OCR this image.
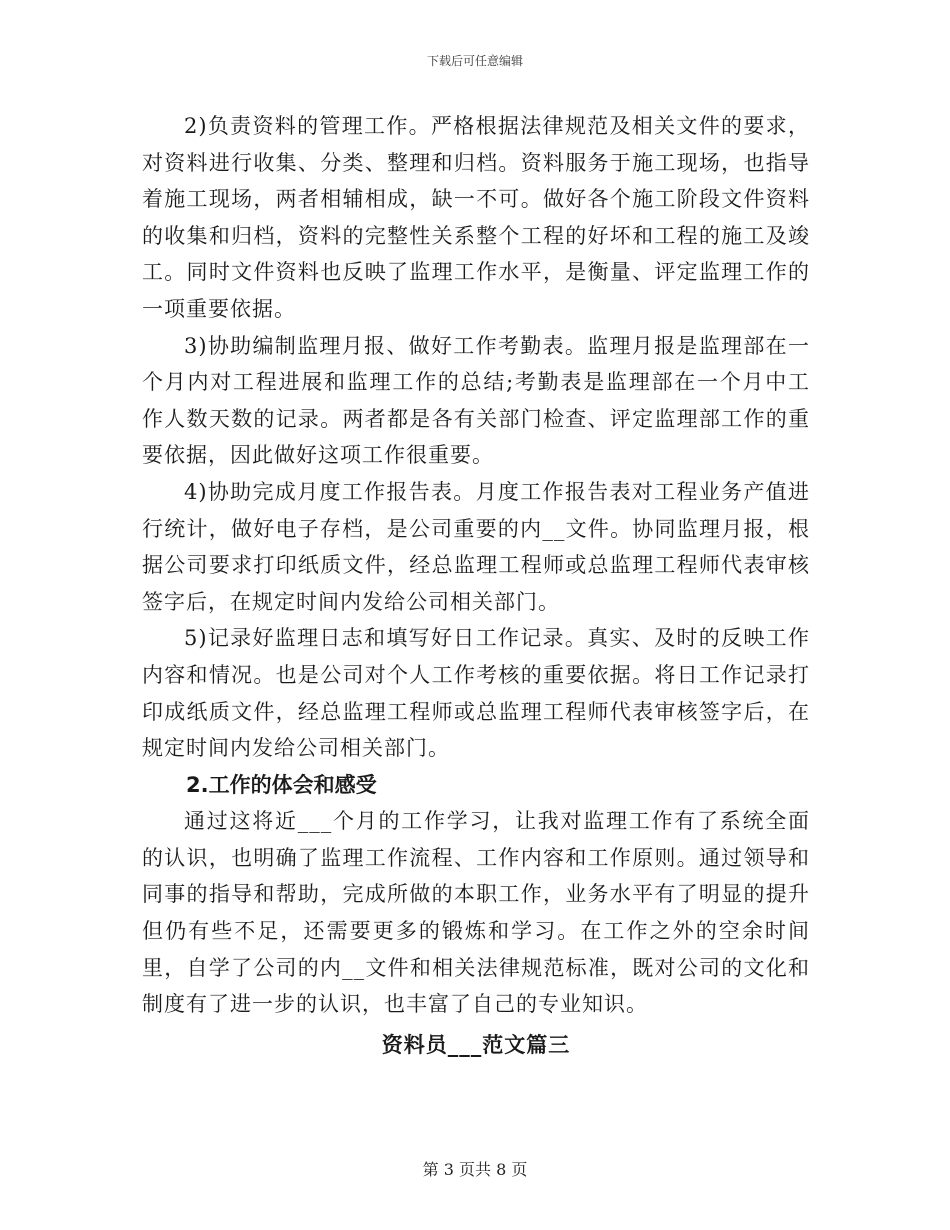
下载后可任意编辑

2)负责资料的管理工作。严格根据法律规范及相关文件的要求，对资料进行收集、分类、整理和归档。资料服务于施工现场，也指导着施工现场，两者相辅相成，缺一不可。做好各个施工阶段文件资料的收集和归档，资料的完整性关系整个工程的好坏和工程的施工及竣工。同时文件资料也反映了监理工作水平，是衡量、评定监理工作的一项重要依据。

3)协助编制监理月报、做好工作考勤表。监理月报是监理部在一个月内对工程进展和监理工作的总结;考勤表是监理部在一个月中工作人数天数的记录。两者都是各有关部门检查、评定监理部工作的重要依据，因此做好这项工作很重要。

4)协助完成月度工作报告表。月度工作报告表对工程业务产值进行统计，做好电子存档，是公司重要的内__文件。协同监理月报，根据公司要求打印纸质文件，经总监理工程师或总监理工程师代表审核签字后，在规定时间内发给公司相关部门。

5)记录好监理日志和填写好日工作记录。真实、及时的反映工作内容和情况。也是公司对个人工作考核的重要依据。将日工作记录打印成纸质文件，经总监理工程师或总监理工程师代表审核签字后，在规定时间内发给公司相关部门。

2.工作的体会和感受

通过这将近___个月的工作学习，让我对监理工作有了系统全面的认识，也明确了监理工作流程、工作内容和工作原则。通过领导和同事的指导和帮助，完成所做的本职工作，业务水平有了明显的提升但仍有些不足，还需要更多的锻炼和学习。在工作之外的空余时间里，自学了公司的内__文件和相关法律规范标准，既对公司的文化和制度有了进一步的认识，也丰富了自己的专业知识。

资料员___范文篇三
第 3 页共 8 页
